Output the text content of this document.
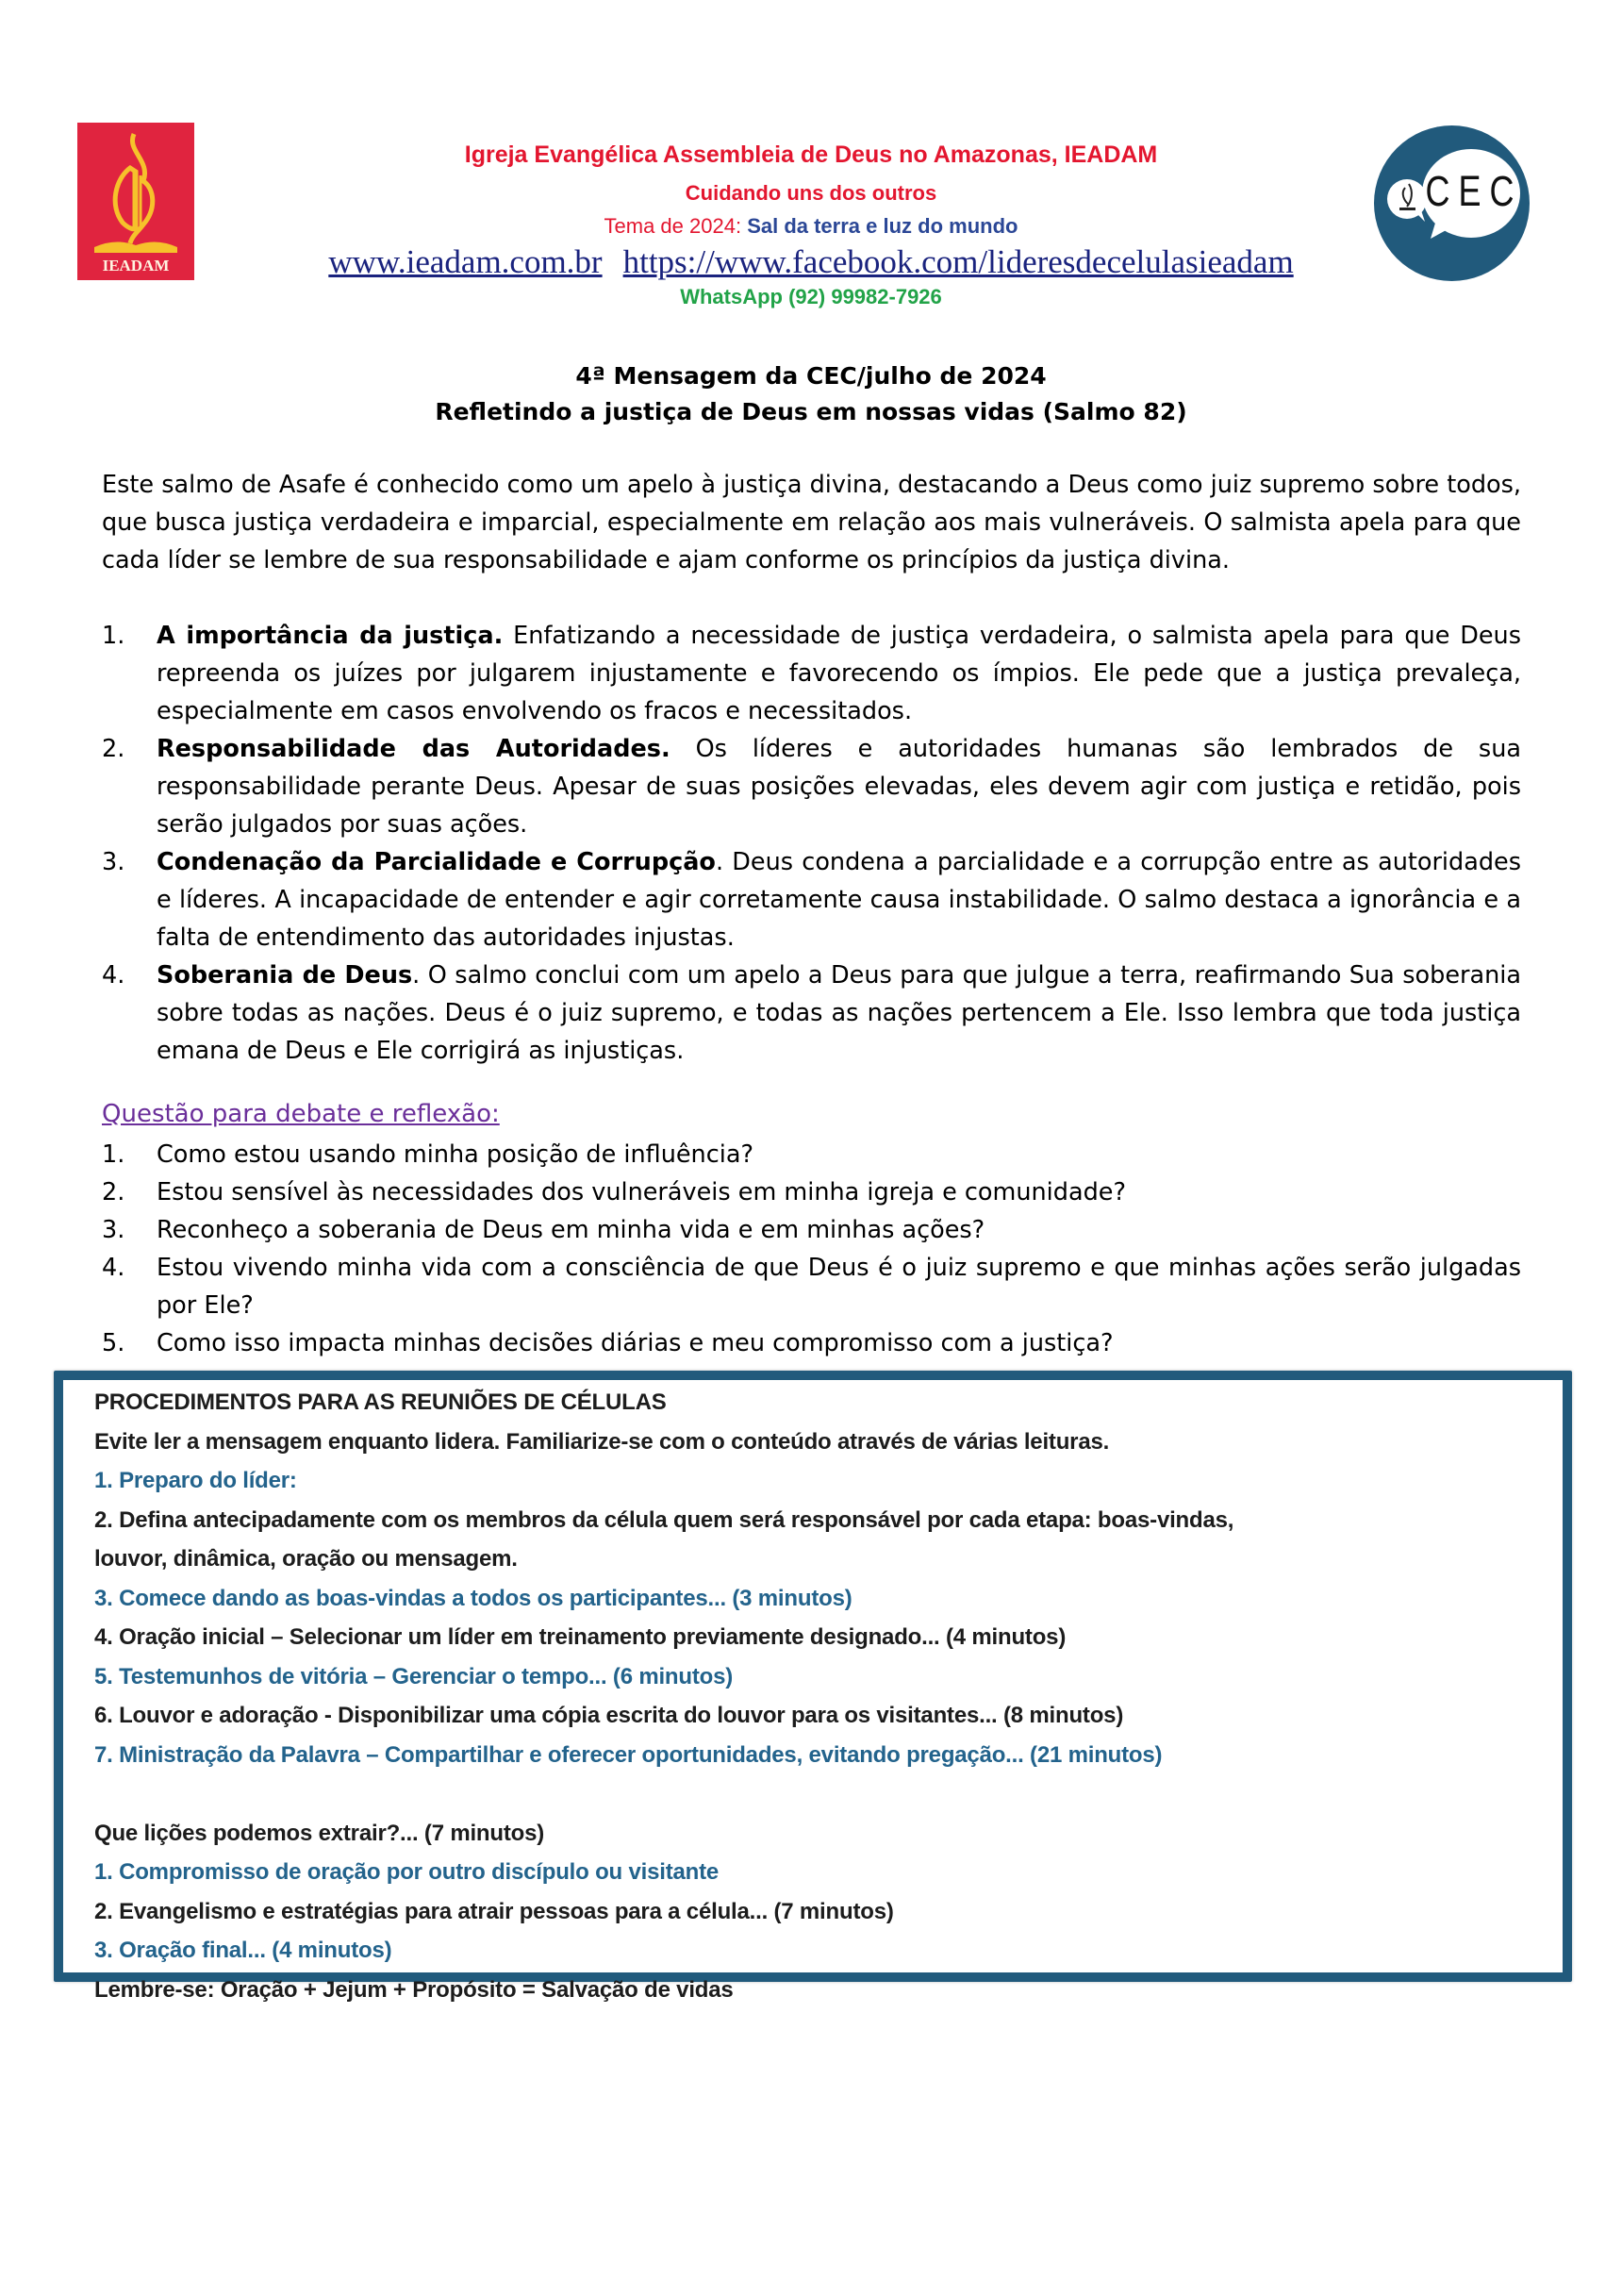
IEADAM
CEC
Igreja Evangélica Assembleia de Deus no Amazonas, IEADAM
Cuidando uns dos outros
Tema de 2024: Sal da terra e luz do mundo
www.ieadam.com.br https://www.facebook.com/lideresdecelulasieadam
WhatsApp (92) 99982-7926
4ª Mensagem da CEC/julho de 2024
Refletindo a justiça de Deus em nossas vidas (Salmo 82)
Este salmo de Asafe é conhecido como um apelo à justiça divina, destacando a Deus como juiz supremo sobre todos, que busca justiça verdadeira e imparcial, especialmente em relação aos mais vulneráveis. O salmista apela para que cada líder se lembre de sua responsabilidade e ajam conforme os princípios da justiça divina.
1. A importância da justiça. Enfatizando a necessidade de justiça verdadeira, o salmista apela para que Deus repreenda os juízes por julgarem injustamente e favorecendo os ímpios. Ele pede que a justiça prevaleça, especialmente em casos envolvendo os fracos e necessitados.
2. Responsabilidade das Autoridades. Os líderes e autoridades humanas são lembrados de sua responsabilidade perante Deus. Apesar de suas posições elevadas, eles devem agir com justiça e retidão, pois serão julgados por suas ações.
3. Condenação da Parcialidade e Corrupção. Deus condena a parcialidade e a corrupção entre as autoridades e líderes. A incapacidade de entender e agir corretamente causa instabilidade. O salmo destaca a ignorância e a falta de entendimento das autoridades injustas.
4. Soberania de Deus. O salmo conclui com um apelo a Deus para que julgue a terra, reafirmando Sua soberania sobre todas as nações. Deus é o juiz supremo, e todas as nações pertencem a Ele. Isso lembra que toda justiça emana de Deus e Ele corrigirá as injustiças.
Questão para debate e reflexão:
1. Como estou usando minha posição de influência?
2. Estou sensível às necessidades dos vulneráveis em minha igreja e comunidade?
3. Reconheço a soberania de Deus em minha vida e em minhas ações?
4. Estou vivendo minha vida com a consciência de que Deus é o juiz supremo e que minhas ações serão julgadas por Ele?
5. Como isso impacta minhas decisões diárias e meu compromisso com a justiça?
PROCEDIMENTOS PARA AS REUNIÕES DE CÉLULAS
Evite ler a mensagem enquanto lidera. Familiarize-se com o conteúdo através de várias leituras.
1. Preparo do líder:
2. Defina antecipadamente com os membros da célula quem será responsável por cada etapa: boas-vindas,
louvor, dinâmica, oração ou mensagem.
3. Comece dando as boas-vindas a todos os participantes... (3 minutos)
4. Oração inicial – Selecionar um líder em treinamento previamente designado... (4 minutos)
5. Testemunhos de vitória – Gerenciar o tempo... (6 minutos)
6. Louvor e adoração - Disponibilizar uma cópia escrita do louvor para os visitantes... (8 minutos)
7. Ministração da Palavra – Compartilhar e oferecer oportunidades, evitando pregação... (21 minutos)
Que lições podemos extrair?... (7 minutos)
1. Compromisso de oração por outro discípulo ou visitante
2. Evangelismo e estratégias para atrair pessoas para a célula... (7 minutos)
3. Oração final... (4 minutos)
Lembre-se: Oração + Jejum + Propósito = Salvação de vidas
